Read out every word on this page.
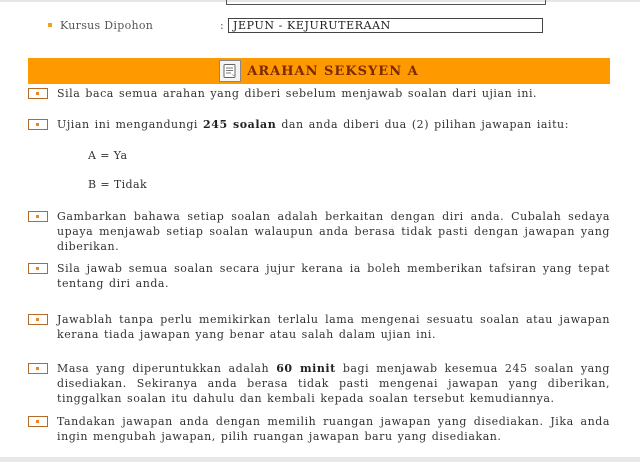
Kursus Dipohon	: JEPUN - KEJURUTERAAN
ARAHAN SEKSYEN A
Sila baca semua arahan yang diberi sebelum menjawab soalan dari ujian ini.
Ujian ini mengandungi 245 soalan dan anda diberi dua (2) pilihan jawapan iaitu:
A = Ya
B = Tidak
Gambarkan bahawa setiap soalan adalah berkaitan dengan diri anda. Cubalah sedaya upaya menjawab setiap soalan walaupun anda berasa tidak pasti dengan jawapan yang diberikan.
Sila jawab semua soalan secara jujur kerana ia boleh memberikan tafsiran yang tepat tentang diri anda.
Jawablah tanpa perlu memikirkan terlalu lama mengenai sesuatu soalan atau jawapan kerana tiada jawapan yang benar atau salah dalam ujian ini.
Masa yang diperuntukkan adalah 60 minit bagi menjawab kesemua 245 soalan yang disediakan. Sekiranya anda berasa tidak pasti mengenai jawapan yang diberikan, tinggalkan soalan itu dahulu dan kembali kepada soalan tersebut kemudiannya.
Tandakan jawapan anda dengan memilih ruangan jawapan yang disediakan. Jika anda ingin mengubah jawapan, pilih ruangan jawapan baru yang disediakan.
